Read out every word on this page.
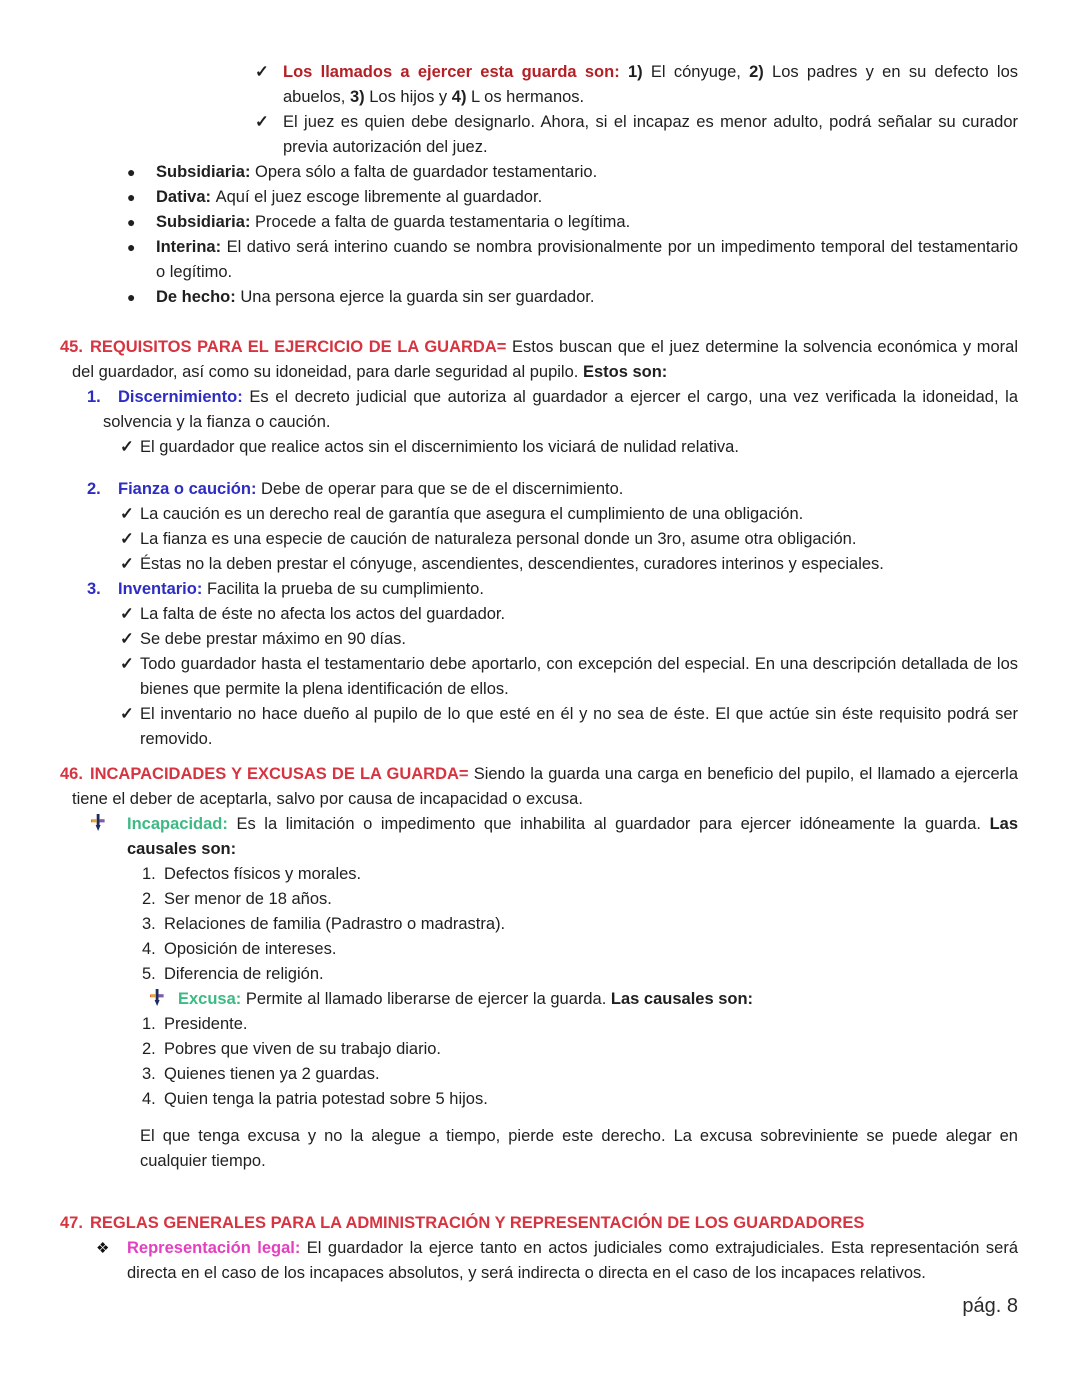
✓ Los llamados a ejercer esta guarda son: 1) El cónyuge, 2) Los padres y en su defecto los abuelos, 3) Los hijos y 4) L os hermanos.

✓ El juez es quien debe designarlo. Ahora, si el incapaz es menor adulto, podrá señalar su curador previa autorización del juez.

● Subsidiaria: Opera sólo a falta de guardador testamentario.

● Dativa: Aquí el juez escoge libremente al guardador.

● Subsidiaria: Procede a falta de guarda testamentaria o legítima.

● Interina: El dativo será interino cuando se nombra provisionalmente por un impedimento temporal del testamentario o legítimo.

● De hecho: Una persona ejerce la guarda sin ser guardador.

45. REQUISITOS PARA EL EJERCICIO DE LA GUARDA= Estos buscan que el juez determine la solvencia económica y moral del guardador, así como su idoneidad, para darle seguridad al pupilo. Estos son:

1. Discernimiento: Es el decreto judicial que autoriza al guardador a ejercer el cargo, una vez verificada la idoneidad, la solvencia y la fianza o caución.

✓ El guardador que realice actos sin el discernimiento los viciará de nulidad relativa.

2. Fianza o caución: Debe de operar para que se de el discernimiento.

✓ La caución es un derecho real de garantía que asegura el cumplimiento de una obligación.

✓ La fianza es una especie de caución de naturaleza personal donde un 3ro, asume otra obligación.

✓ Éstas no la deben prestar el cónyuge, ascendientes, descendientes, curadores interinos y especiales.

3. Inventario: Facilita la prueba de su cumplimiento.

✓ La falta de éste no afecta los actos del guardador.

✓ Se debe prestar máximo en 90 días.

✓ Todo guardador hasta el testamentario debe aportarlo, con excepción del especial. En una descripción detallada de los bienes que permite la plena identificación de ellos.

✓ El inventario no hace dueño al pupilo de lo que esté en él y no sea de éste. El que actúe sin éste requisito podrá ser removido.

46. INCAPACIDADES Y EXCUSAS DE LA GUARDA= Siendo la guarda una carga en beneficio del pupilo, el llamado a ejercerla tiene el deber de aceptarla, salvo por causa de incapacidad o excusa.

Incapacidad: Es la limitación o impedimento que inhabilita al guardador para ejercer idóneamente la guarda. Las causales son:

1. Defectos físicos y morales.

2. Ser menor de 18 años.

3. Relaciones de familia (Padrastro o madrastra).

4. Oposición de intereses.

5. Diferencia de religión.

Excusa: Permite al llamado liberarse de ejercer la guarda. Las causales son:

1. Presidente.

2. Pobres que viven de su trabajo diario.

3. Quienes tienen ya 2 guardas.

4. Quien tenga la patria potestad sobre 5 hijos.

El que tenga excusa y no la alegue a tiempo, pierde este derecho. La excusa sobreviniente se puede alegar en cualquier tiempo.

47. REGLAS GENERALES PARA LA ADMINISTRACIÓN Y REPRESENTACIÓN DE LOS GUARDADORES

❖ Representación legal: El guardador la ejerce tanto en actos judiciales como extrajudiciales. Esta representación será directa en el caso de los incapaces absolutos, y será indirecta o directa en el caso de los incapaces relativos.

pág. 8
